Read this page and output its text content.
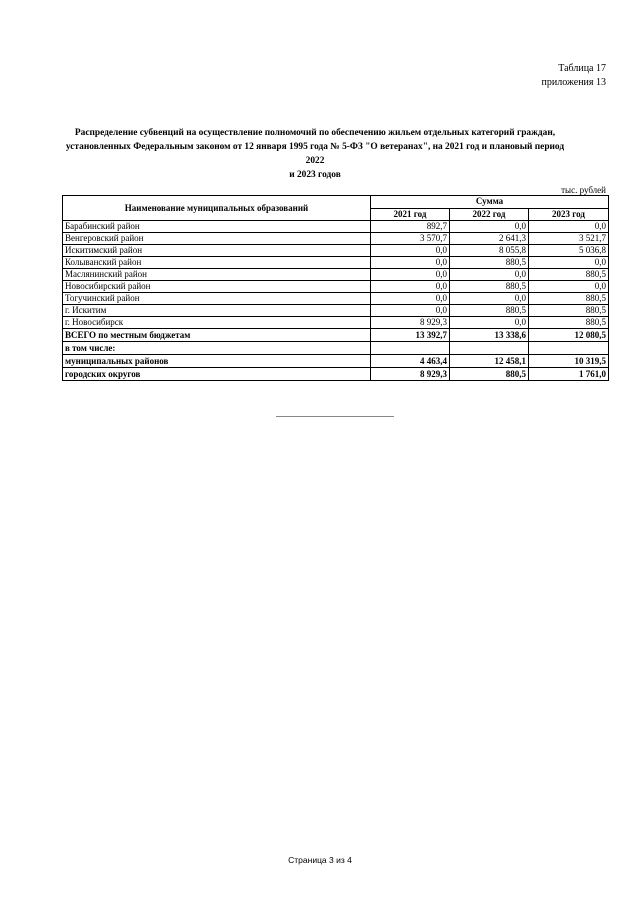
Таблица 17
приложения 13
Распределение субвенций на осуществление полномочий по обеспечению жильем отдельных категорий граждан,
установленных Федеральным законом от 12 января 1995 года № 5-ФЗ "О ветеранах", на 2021 год и плановый период 2022
и 2023 годов
тыс. рублей
Наименование муниципальных образований	Сумма		
	2021 год	2022 год	2023 год
Барабинский район	892,7	0,0	0,0
Венгеровский район	3 570,7	2 641,3	3 521,7
Искитимский район	0,0	8 055,8	5 036,8
Колыванский район	0,0	880,5	0,0
Маслянинский район	0,0	0,0	880,5
Новосибирский район	0,0	880,5	0,0
Тогучинский район	0,0	0,0	880,5
г. Искитим	0,0	880,5	880,5
г. Новосибирск	8 929,3	0,0	880,5
ВСЕГО по местным бюджетам	13 392,7	13 338,6	12 080,5
в том числе:			
муниципальных районов	4 463,4	12 458,1	10 319,5
городских округов	8 929,3	880,5	1 761,0
Страница 3 из 4
